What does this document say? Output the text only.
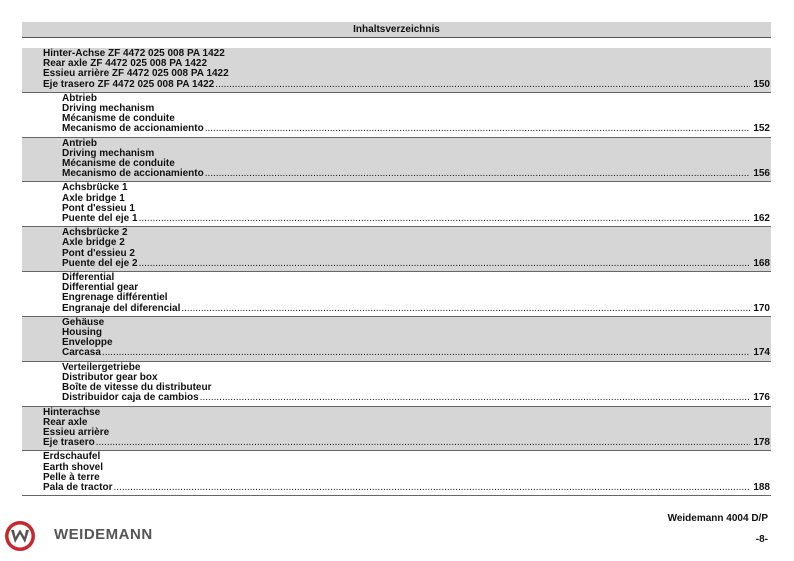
Inhaltsverzeichnis
Hinter-Achse ZF 4472 025 008 PA 1422
Rear axle ZF 4472 025 008 PA 1422
Essieu arrière ZF 4472 025 008 PA 1422
Eje trasero ZF 4472 025 008 PA 1422 .....	150
Abtrieb
Driving mechanism
Mécanisme de conduite
Mecanismo de accionamiento .....	152
Antrieb
Driving mechanism
Mécanisme de conduite
Mecanismo de accionamiento .....	156
Achsbrücke 1
Axle bridge 1
Pont d'essieu 1
Puente del eje 1 .....	162
Achsbrücke 2
Axle bridge 2
Pont d'essieu 2
Puente del eje 2 .....	168
Differential
Differential gear
Engrenage différentiel
Engranaje del diferencial .....	170
Gehäuse
Housing
Enveloppe
Carcasa .....	174
Verteilergetriebe
Distributor gear box
Boîte de vitesse du distributeur
Distribuidor caja de cambios .....	176
Hinterachse
Rear axle
Essieu arrière
Eje trasero .....	178
Erdschaufel
Earth shovel
Pelle à terre
Pala de tractor .....	188
WEIDEMANN
Weidemann 4004 D/P
-8-
